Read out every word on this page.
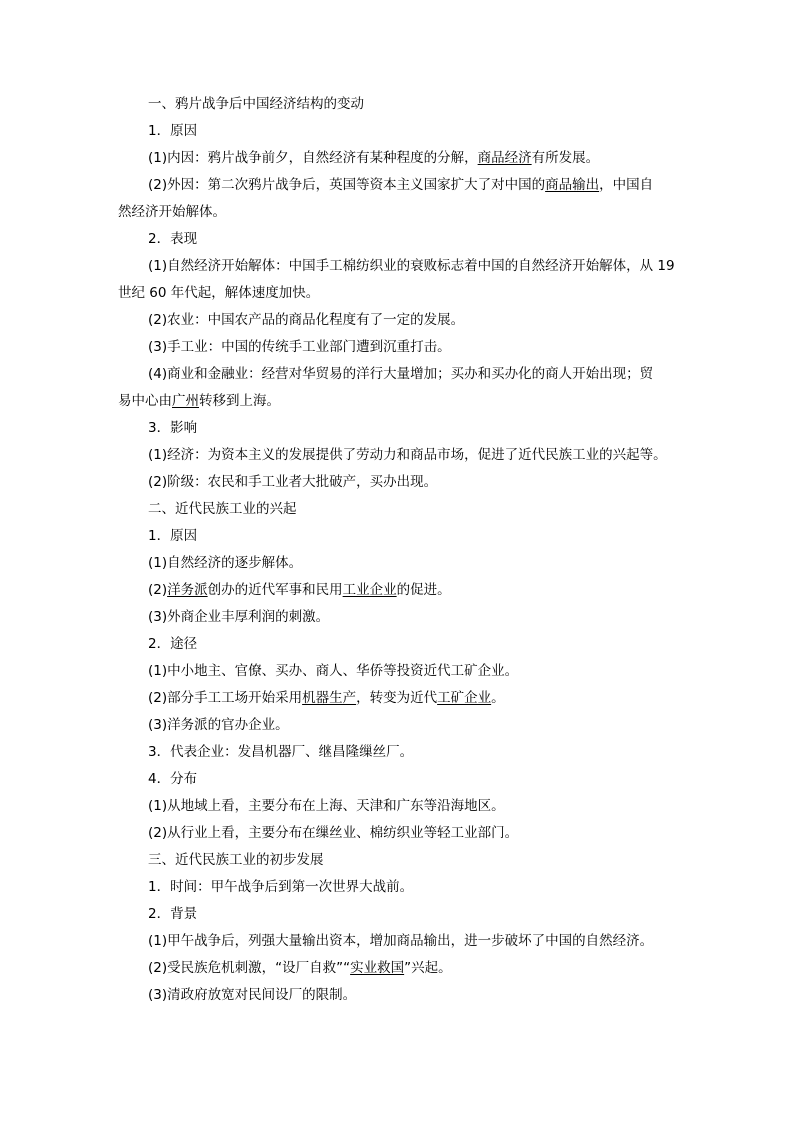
一、鸦片战争后中国经济结构的变动
1．原因
(1)内因：鸦片战争前夕，自然经济有某种程度的分解，商品经济有所发展。
(2)外因：第二次鸦片战争后，英国等资本主义国家扩大了对中国的商品输出，中国自
然经济开始解体。
2．表现
(1)自然经济开始解体：中国手工棉纺织业的衰败标志着中国的自然经济开始解体，从 19
世纪 60 年代起，解体速度加快。
(2)农业：中国农产品的商品化程度有了一定的发展。
(3)手工业：中国的传统手工业部门遭到沉重打击。
(4)商业和金融业：经营对华贸易的洋行大量增加；买办和买办化的商人开始出现；贸
易中心由广州转移到上海。
3．影响
(1)经济：为资本主义的发展提供了劳动力和商品市场，促进了近代民族工业的兴起等。
(2)阶级：农民和手工业者大批破产，买办出现。
二、近代民族工业的兴起
1．原因
(1)自然经济的逐步解体。
(2)洋务派创办的近代军事和民用工业企业的促进。
(3)外商企业丰厚利润的刺激。
2．途径
(1)中小地主、官僚、买办、商人、华侨等投资近代工矿企业。
(2)部分手工工场开始采用机器生产，转变为近代工矿企业。
(3)洋务派的官办企业。
3．代表企业：发昌机器厂、继昌隆缫丝厂。
4．分布
(1)从地域上看，主要分布在上海、天津和广东等沿海地区。
(2)从行业上看，主要分布在缫丝业、棉纺织业等轻工业部门。
三、近代民族工业的初步发展
1．时间：甲午战争后到第一次世界大战前。
2．背景
(1)甲午战争后，列强大量输出资本，增加商品输出，进一步破坏了中国的自然经济。
(2)受民族危机刺激，“设厂自救”“实业救国”兴起。
(3)清政府放宽对民间设厂的限制。
